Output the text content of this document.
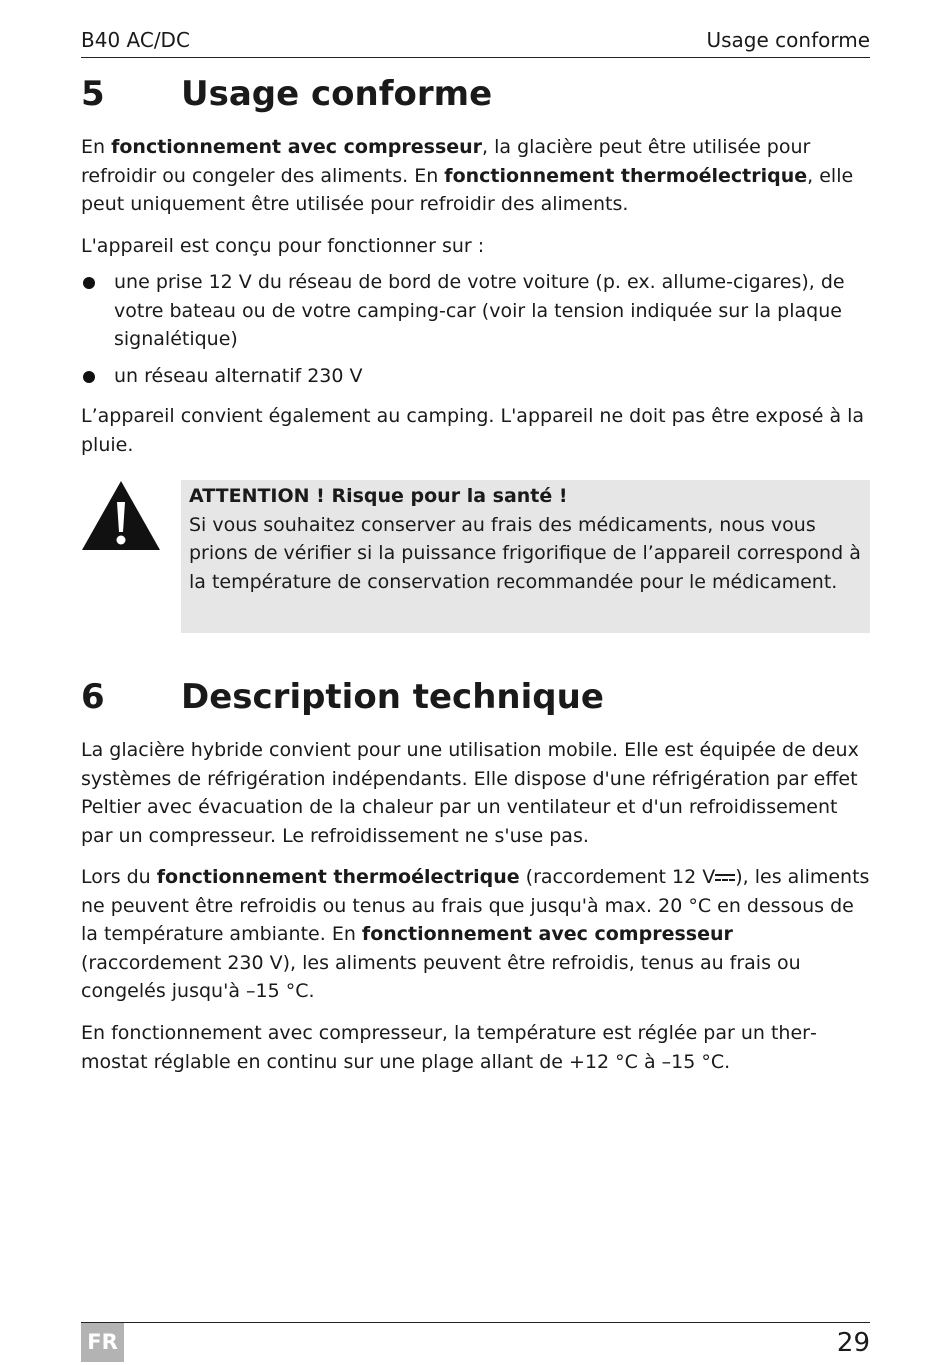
B40 AC/DC	Usage conforme
5 Usage conforme

En fonctionnement avec compresseur, la glacière peut être utilisée pour refroidir ou congeler des aliments. En fonctionnement thermoélectrique, elle peut uniquement être utilisée pour refroidir des aliments.

L'appareil est conçu pour fonctionner sur :

une prise 12 V du réseau de bord de votre voiture (p. ex. allume-cigares), de votre bateau ou de votre camping-car (voir la tension indiquée sur la plaque signalétique)
un réseau alternatif 230 V

L’appareil convient également au camping. L'appareil ne doit pas être exposé à la pluie.

ATTENTION ! Risque pour la santé !
Si vous souhaitez conserver au frais des médicaments, nous vous prions de vérifier si la puissance frigorifique de l’appareil correspond à la température de conservation recommandée pour le médicament.
6 Description technique

La glacière hybride convient pour une utilisation mobile. Elle est équipée de deux systèmes de réfrigération indépendants. Elle dispose d'une réfrigération par effet Peltier avec évacuation de la chaleur par un ventilateur et d'un refroidissement par un compresseur. Le refroidissement ne s'use pas.

Lors du fonctionnement thermoélectrique (raccordement 12 V ), les aliments ne peuvent être refroidis ou tenus au frais que jusqu'à max. 20 °C en dessous de la température ambiante. En fonctionnement avec compresseur (raccordement 230 V), les aliments peuvent être refroidis, tenus au frais ou congelés jusqu'à –15 °C.

En fonctionnement avec compresseur, la température est réglée par un thermostat réglable en continu sur une plage allant de +12 °C à –15 °C.

FR	29
